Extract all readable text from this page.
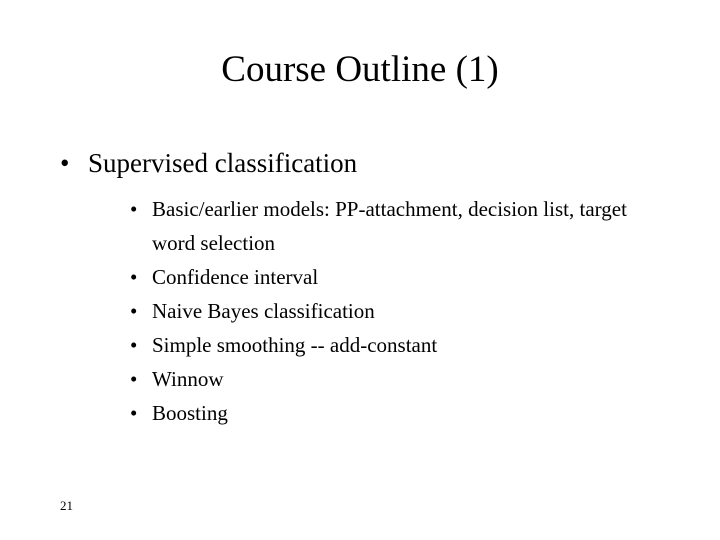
Course Outline (1)
• Supervised classification
• Basic/earlier models: PP-attachment, decision list, target word selection
• Confidence interval
• Naive Bayes classification
• Simple smoothing -- add-constant
• Winnow
• Boosting
21
